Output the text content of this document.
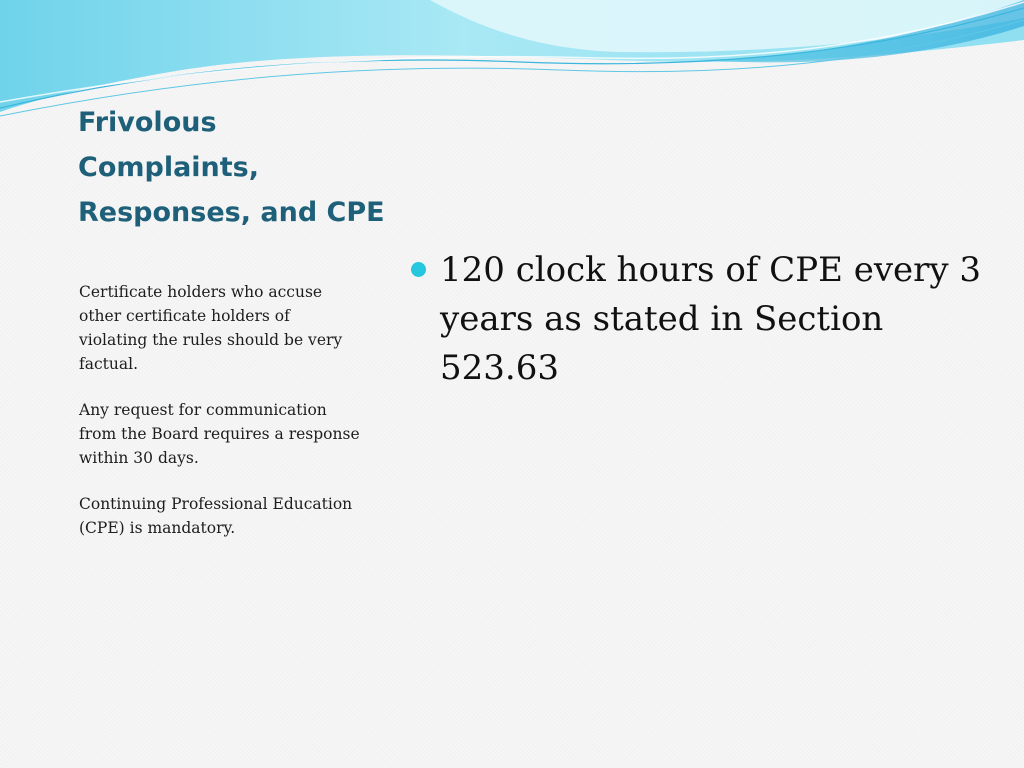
Frivolous
Complaints,
Responses, and CPE

Certificate holders who accuse
other certificate holders of
violating the rules should be very
factual.

Any request for communication
from the Board requires a response
within 30 days.

Continuing Professional Education
(CPE) is mandatory.

120 clock hours of CPE every 3
years as stated in Section
523.63
